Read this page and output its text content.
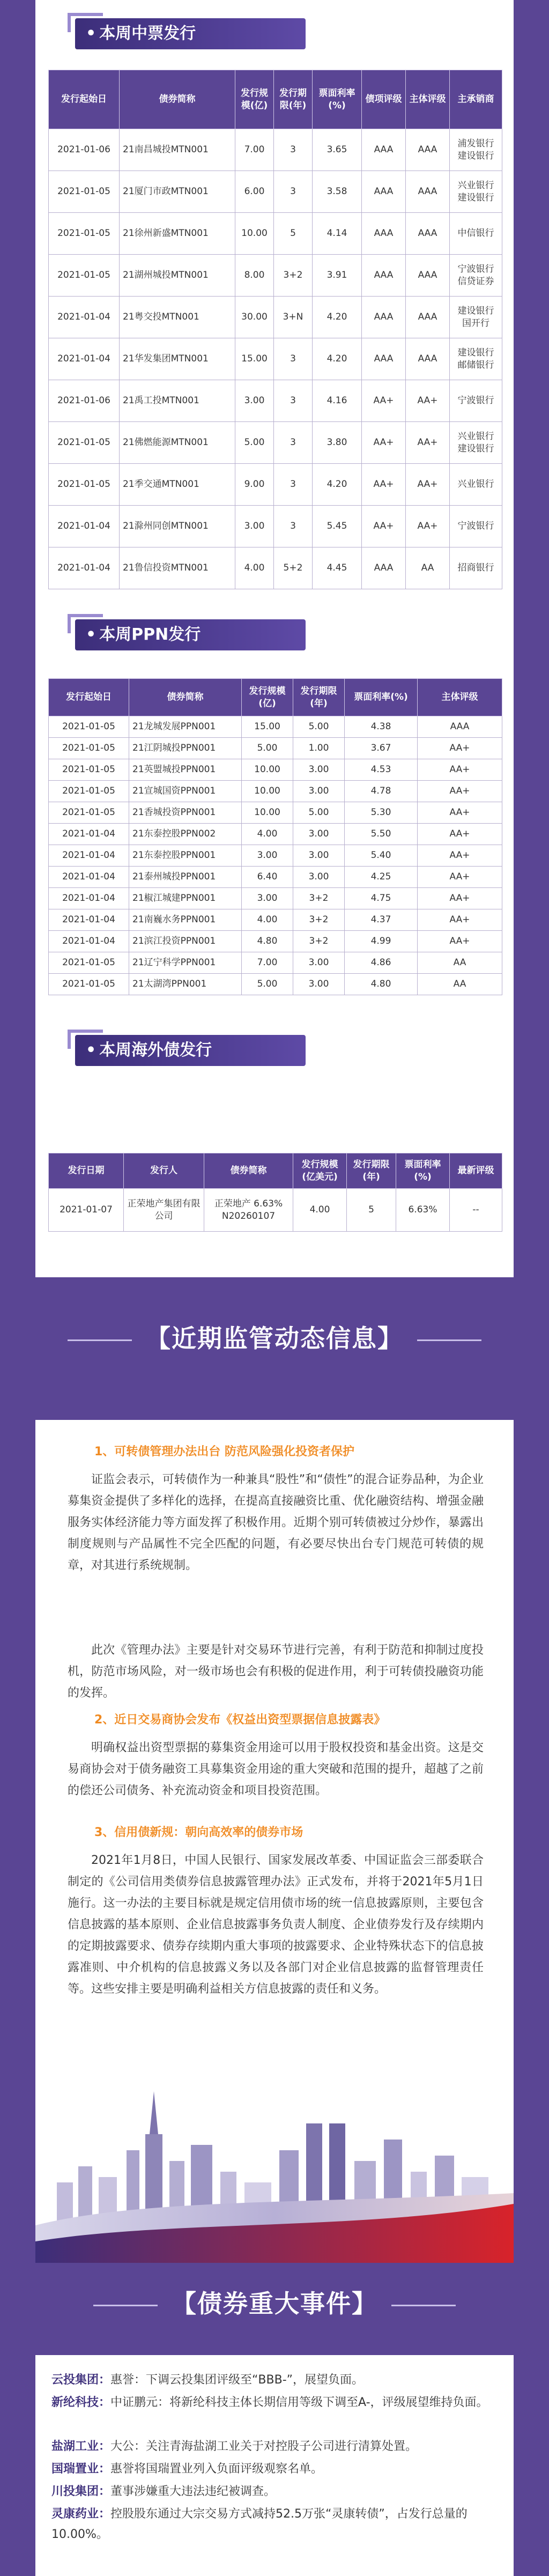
• 本周中票发行
发行起始日	债券简称	发行规模(亿)	发行期限(年)	票面利率(%)	债项评级	主体评级	主承销商
2021-01-06	21南昌城投MTN001	7.00	3	3.65	AAA	AAA	浦发银行 建设银行
2021-01-05	21厦门市政MTN001	6.00	3	3.58	AAA	AAA	兴业银行 建设银行
2021-01-05	21徐州新盛MTN001	10.00	5	4.14	AAA	AAA	中信银行
2021-01-05	21湖州城投MTN001	8.00	3+2	3.91	AAA	AAA	宁波银行 信贷证券
2021-01-04	21粤交投MTN001	30.00	3+N	4.20	AAA	AAA	建设银行 国开行
2021-01-04	21华发集团MTN001	15.00	3	4.20	AAA	AAA	建设银行 邮储银行
2021-01-06	21禹工投MTN001	3.00	3	4.16	AA+	AA+	宁波银行
2021-01-05	21佛燃能源MTN001	5.00	3	3.80	AA+	AA+	兴业银行 建设银行
2021-01-05	21季交通MTN001	9.00	3	4.20	AA+	AA+	兴业银行
2021-01-04	21滁州同创MTN001	3.00	3	5.45	AA+	AA+	宁波银行
2021-01-04	21鲁信投资MTN001	4.00	5+2	4.45	AAA	AA	招商银行
• 本周PPN发行
发行起始日	债券简称	发行规模(亿)	发行期限(年)	票面利率(%)	主体评级
2021-01-05	21龙城发展PPN001	15.00	5.00	4.38	AAA
2021-01-05	21江阴城投PPN001	5.00	1.00	3.67	AA+
2021-01-05	21英盟城投PPN001	10.00	3.00	4.53	AA+
2021-01-05	21宣城国资PPN001	10.00	3.00	4.78	AA+
2021-01-05	21香城投资PPN001	10.00	5.00	5.30	AA+
2021-01-04	21东泰控股PPN002	4.00	3.00	5.50	AA+
2021-01-04	21东泰控股PPN001	3.00	3.00	5.40	AA+
2021-01-04	21泰州城投PPN001	6.40	3.00	4.25	AA+
2021-01-04	21椒江城建PPN001	3.00	3+2	4.75	AA+
2021-01-04	21南巍水务PPN001	4.00	3+2	4.37	AA+
2021-01-04	21滨江投资PPN001	4.80	3+2	4.99	AA+
2021-01-05	21辽宁科学PPN001	7.00	3.00	4.86	AA
2021-01-05	21太湖湾PPN001	5.00	3.00	4.80	AA
• 本周海外债发行
发行日期	发行人	债券简称	发行规模(亿美元)	发行期限(年)	票面利率(%)	最新评级
2021-01-07	正荣地产集团有限公司	正荣地产 6.63% N20260107	4.00	5	6.63%	--
【近期监管动态信息】
1、可转债管理办法出台 防范风险强化投资者保护
证监会表示，可转债作为一种兼具“股性”和“债性”的混合证券品种，为企业募集资金提供了多样化的选择，在提高直接融资比重、优化融资结构、增强金融服务实体经济能力等方面发挥了积极作用。近期个别可转债被过分炒作，暴露出制度规则与产品属性不完全匹配的问题，有必要尽快出台专门规范可转债的规章，对其进行系统规制。
此次《管理办法》主要是针对交易环节进行完善，有利于防范和抑制过度投机，防范市场风险，对一级市场也会有积极的促进作用，利于可转债投融资功能的发挥。
2、近日交易商协会发布《权益出资型票据信息披露表》
明确权益出资型票据的募集资金用途可以用于股权投资和基金出资。这是交易商协会对于债务融资工具募集资金用途的重大突破和范围的提升，超越了之前的偿还公司债务、补充流动资金和项目投资范围。
3、信用债新规：朝向高效率的债券市场
2021年1月8日，中国人民银行、国家发展改革委、中国证监会三部委联合制定的《公司信用类债券信息披露管理办法》正式发布，并将于2021年5月1日施行。这一办法的主要目标就是规定信用债市场的统一信息披露原则，主要包含信息披露的基本原则、企业信息披露事务负责人制度、企业债券发行及存续期内的定期披露要求、债券存续期内重大事项的披露要求、企业特殊状态下的信息披露准则、中介机构的信息披露义务以及各部门对企业信息披露的监督管理责任等。这些安排主要是明确利益相关方信息披露的责任和义务。
【债券重大事件】
云投集团：惠誉：下调云投集团评级至“BBB-”，展望负面。
新纶科技：中证鹏元：将新纶科技主体长期信用等级下调至A-，评级展望维持负面。
盐湖工业：大公：关注青海盐湖工业关于对控股子公司进行清算处置。
国瑞置业：惠誉将国瑞置业列入负面评级观察名单。
川投集团：董事涉嫌重大违法违纪被调查。
灵康药业：控股股东通过大宗交易方式减持52.5万张“灵康转债”，占发行总量的10.00%。
